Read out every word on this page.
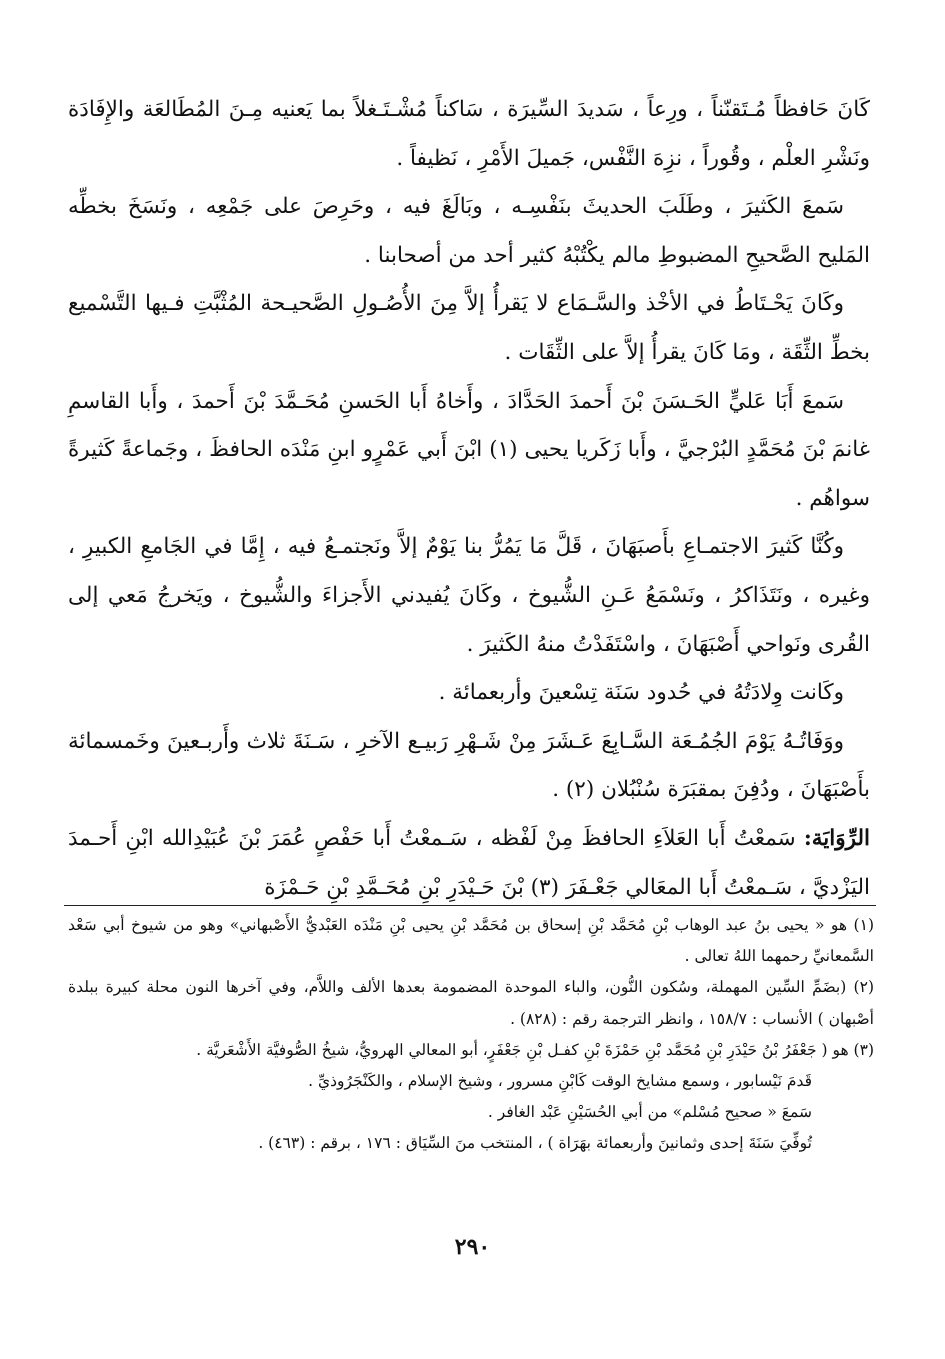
كَانَ حَافظاً مُـتَقنّناً ، ورِعاً ، سَديدَ السِّيرَة ، سَاكناً مُشْـتَـغلاً بما يَعنيه مِـنَ المُطَالعَة والإِفَادَة ونَشْرِ العلْم ، وقُوراً ، نزِهَ النَّفْس، جَميلَ الأَمْرِ ، نَظيفاً .

سَمعَ الكَثيرَ ، وطَلَبَ الحديثَ بنَفْسِـه ، وبَالَغَ فيه ، وحَرِصَ على جَمْعِه ، ونَسَخَ بخطِّه المَليح الصَّحيحِ المضبوطِ مالم يكْتُبْهُ كثير أحد من أصحابنا .

وكَانَ يَحْـتَاطُ في الأخْذ والسَّـمَاع لا يَقرأُ إلاَّ مِنَ الأُصُـولِ الصَّحيـحة المُثْبَّتِ فـيها التَّسْميع بخطِّ الثِّقَة ، ومَا كَانَ يقرأُ إلاَّ على الثِّقَات .

سَمعَ أَبَا عَليٍّ الحَـسَنَ بْنَ أَحمدَ الحَدَّادَ ، وأَخاهُ أَبا الحَسنِ مُحَـمَّدَ بْنَ أَحمدَ ، وأَبا القاسمِ غانمَ بْنَ مُحَمَّدٍ البُرْجيَّ ، وأَبا زَكَريا يحيى (١) ابْنَ أَبي عَمْرٍو ابنِ مَنْدَه الحافظَ ، وجَماعةً كَثيرةً سواهُم .

وكُنَّا كَثيرَ الاجتمـاعِ بأَصبَهَانَ ، قَلَّ مَا يَمُرُّ بنا يَوْمٌ إلاَّ ونَجتمـعُ فيه ، إِمَّا في الجَامعِ الكبيرِ ، وغيره ، ونَتَذَاكرُ ، ونَسْمَعُ عَـنِ الشُّيوخ ، وكَانَ يُفيدني الأَجزاءَ والشُّيوخ ، ويَخرجُ مَعي إلى القُرى ونَواحي أَصْبَهَانَ ، واسْتَفَدْتُ منهُ الكَثيرَ .

وكَانت وِلادَتُهُ في حُدود سَنَة تِسْعينَ وأربعمائة .

ووَفَاتُـهُ يَوْمَ الجُمُـعَة السَّـابِعَ عَـشَرَ مِنْ شَـهْرِ رَبيـع الآخرِ ، سَـنَةَ ثلاث وأَربـعينَ وخَمسمائة بأَصْبَهَانَ ، ودُفِنَ بمقبَرَة سُنْبُلان (٢) .

الرِّوَايَة: سَمعْتُ أَبا العَلاَءِ الحافظَ مِنْ لَفْظه ، سَـمعْتُ أَبا حَفْصٍ عُمَرَ بْنَ عُبَيْدِالله ابْنِ أَحـمدَ اليَزْديَّ ، سَـمعْتُ أَبا المعَالي جَعْـفَرَ (٣) بْنَ حَـيْدَرِ بْنِ مُحَـمَّدِ بْنِ حَـمْزَة

(١) هو « يحيى بنُ عبد الوهاب بْنِ مُحَمَّد بْنِ إسحاق بن مُحَمَّد بْنِ يحيى بْنِ مَنْدَه العَبْديُّ الأَصْبهاني» وهو من شيوخ أبي سَعْد السَّمعانيِّ رحمهما اللهُ تعالى .

(٢) (بضَمِّ السِّين المهملة، وسُكون النُّون، والباء الموحدة المضمومة بعدها الألف واللاَّم، وفي آخرها النون محلة كبيرة ببلدة أصْبهان ) الأنساب : ١٥٨/٧ ، وانظر الترجمة رقم : (٨٢٨) .

(٣) هو ( جَعْفَرُ بْنُ حَيْدَرِ بْنِ مُحَمَّد بْنِ حَمْزَةَ بْنِ كفـل بْنِ جَعْفَرٍ، أبو المعالي الهرويُّ، شيخُ الصُّوفيَّة الأَشْعَريَّة .

قَدمَ نَيْسابور ، وسمع مشايخ الوقت كَابْنِ مسرور ، وشيخ الإسلام ، والكَنْجَرُوذيِّ .

سَمعَ « صحيح مُسْلم» من أبي الحُسَيْنِ عَبْد الغافر .

تُوفِّيَ سَنَةَ إحدى وثمانينَ وأربعمائة بهَرَاة ) ، المنتخب منَ السِّيَاق : ١٧٦ ، برقم : (٤٦٣) .

٢٩٠
